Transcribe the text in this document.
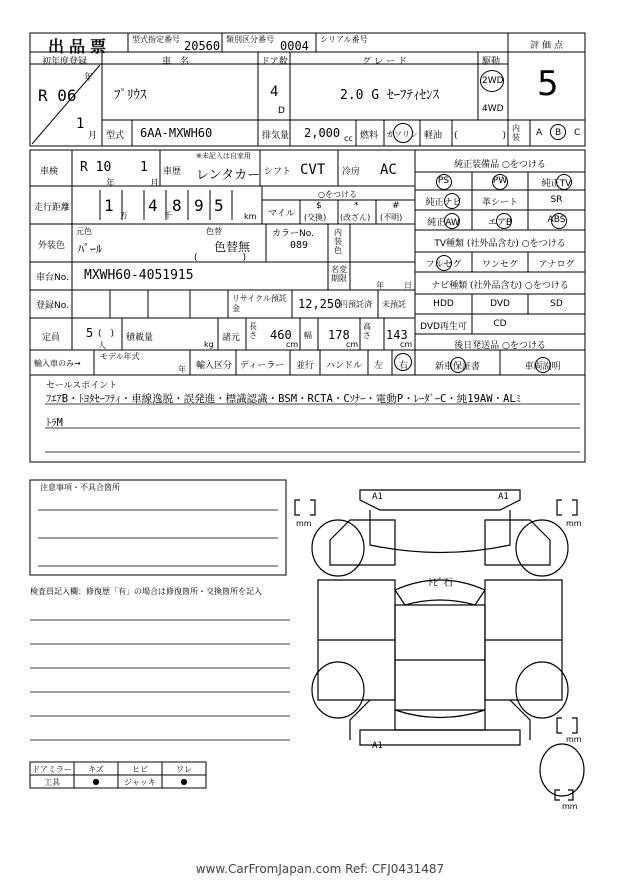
出品票	型式指定番号 20560 類別区分番号 0004 シリアル番号
評価点
5
初年度登録
年
R 06
1
月
車　名
ﾌﾟﾘｳｽ
ドア数
4
D
グレード
2.0 G ｾｰﾌﾃｨｾﾝｽ
駆動
2WD
4WD
型式 6AA-MXWH60	排気量 2,000 cc 燃料 ガソリン 軽油 (　　　　　)
内装	A B C
車検 R 10
年
1
月
車歴
※未記入は自家用
レンタカー シフト CVT 冷房 AC
走行距離 1
万
4
千
8 9 5
km
○をつける
マイル
$
(交換)
*
(改ざん)
#
(不明)
外装色
元色
ﾊﾟｰﾙ
色替
色替無
(　　　　　)
カラーNo.
089
内装色
車台No. MXWH60-4051915	名変期限
年	日
登録No.
リサイクル預託金	12,250
円預託済 未預託
定員 5 (　)
人
積載量
kg
諸元
長さ 460
cm
幅 178
cm
高さ 143
cm
輸入車のみ→
モデル年式
年 輸入区分 ディーラー 並行 ハンドル 左 右
純正装備品 ○をつける
PS	PW	純正TV
純正ナビ	革シート	SR
純正AW	エアB	ABS
TV種類 (社外品含む) ○をつける
フルセグ	ワンセグ	アナログ
ナビ種類 (社外品含む) ○をつける
HDD	DVD	SD
DVD再生可	CD
後日発送品 ○をつける
新車保証書	車両説明
セールスポイント
ﾌｴｱB・ﾄﾖﾀｾｰﾌﾃｨ・車線逸脱・誤発進・標識認識・BSM・RCTA・Cｿﾅｰ・電動P・ﾚｰﾀﾞｰC・純19AW・ALﾐ
ﾄﾗM
注意事項・不具合箇所
検査員記入欄：修復歴「有」の場合は修復箇所・交換箇所を記入
A1	A1
A1
ﾄﾋﾞ石
mm	mm
mm
mm
ドアミラー	キズ	ヒビ	ワレ
工具	●	ジャッキ	●
www.CarFromJapan.com Ref: CFJ0431487
